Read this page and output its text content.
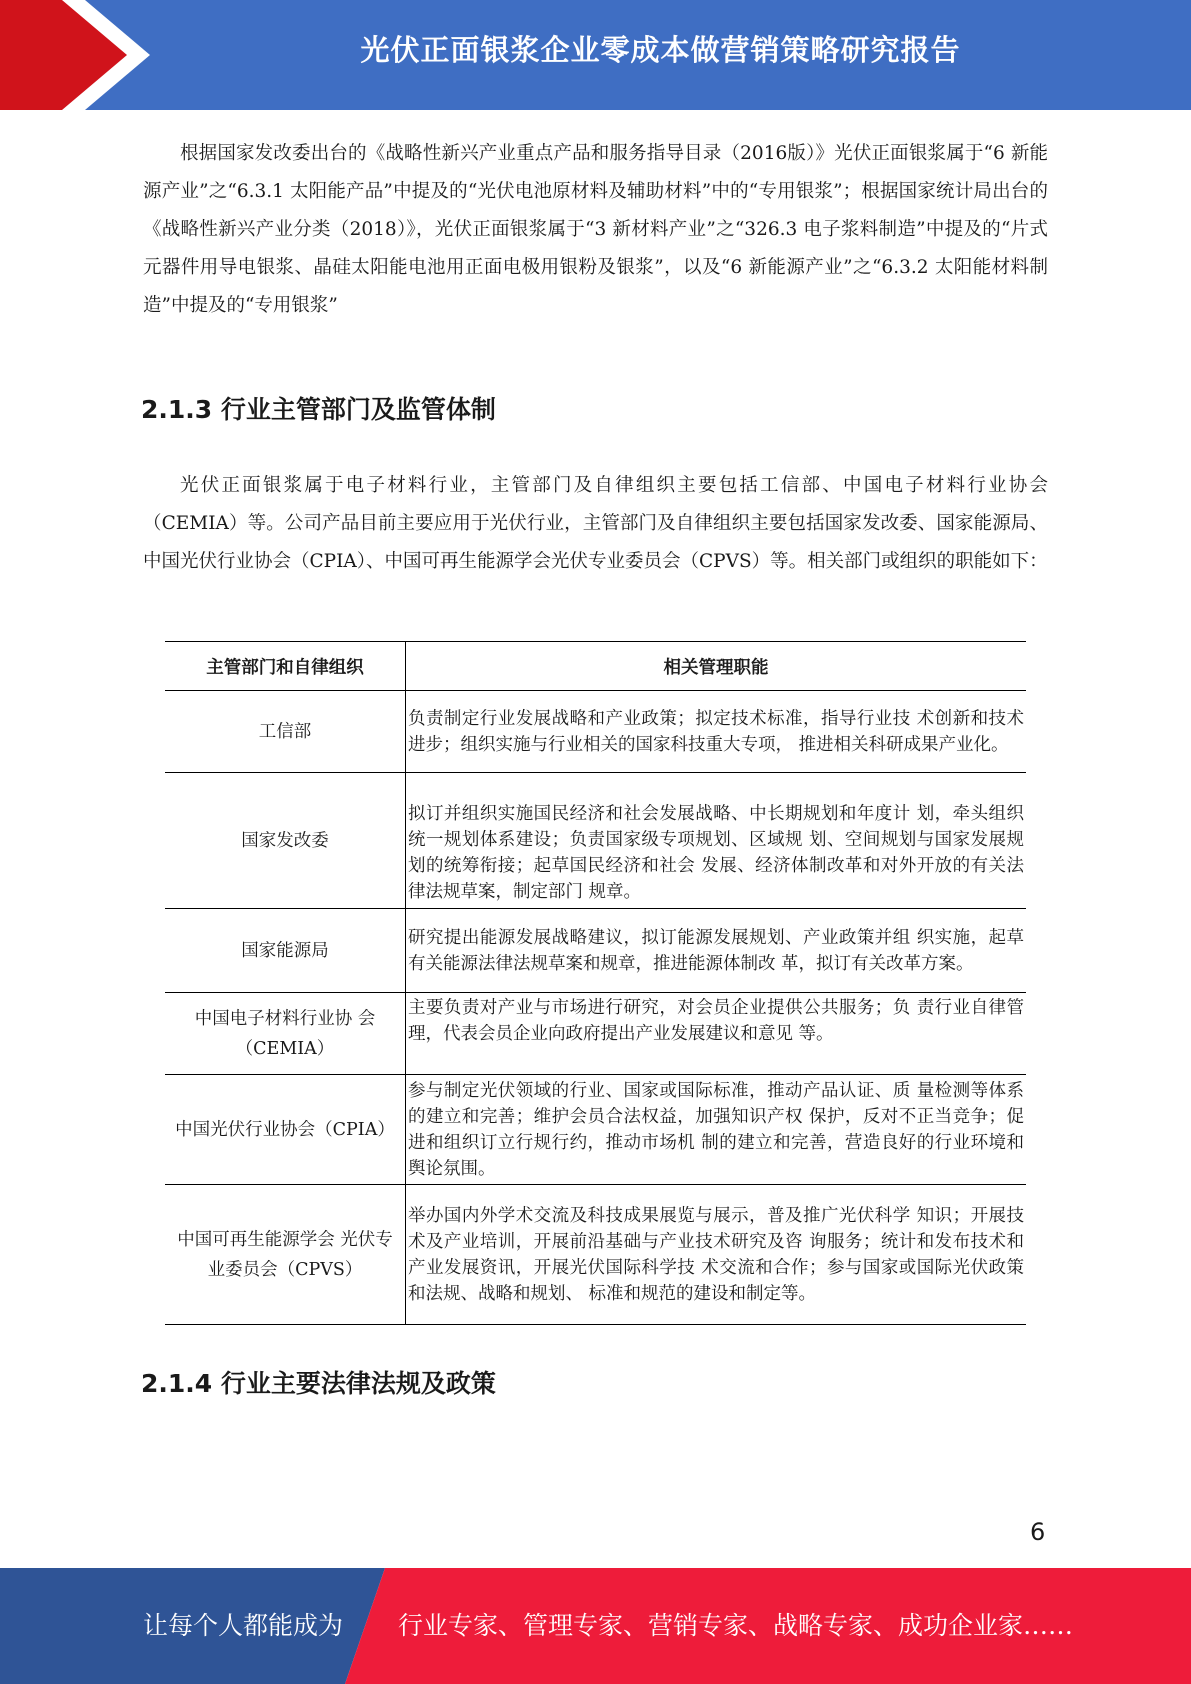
光伏正面银浆企业零成本做营销策略研究报告
根据国家发改委出台的《战略性新兴产业重点产品和服务指导目录（2016版）》光伏正面银浆属于“6 新能源产业”之“6.3.1 太阳能产品”中提及的“光伏电池原材料及辅助材料”中的“专用银浆”；根据国家统计局出台的《战略性新兴产业分类（2018）》，光伏正面银浆属于“3 新材料产业”之“326.3 电子浆料制造”中提及的“片式元器件用导电银浆、晶硅太阳能电池用正面电极用银粉及银浆”，以及“6 新能源产业”之“6.3.2 太阳能材料制造”中提及的“专用银浆”
2.1.3 行业主管部门及监管体制
光伏正面银浆属于电子材料行业，主管部门及自律组织主要包括工信部、中国电子材料行业协会（CEMIA）等。公司产品目前主要应用于光伏行业，主管部门及自律组织主要包括国家发改委、国家能源局、中国光伏行业协会（CPIA）、中国可再生能源学会光伏专业委员会（CPVS）等。相关部门或组织的职能如下：
主管部门和自律组织	相关管理职能
工信部	负责制定行业发展战略和产业政策；拟定技术标准，指导行业技 术创新和技术进步；组织实施与行业相关的国家科技重大专项， 推进相关科研成果产业化。
国家发改委	拟订并组织实施国民经济和社会发展战略、中长期规划和年度计 划，牵头组织统一规划体系建设；负责国家级专项规划、区域规 划、空间规划与国家发展规划的统筹衔接；起草国民经济和社会 发展、经济体制改革和对外开放的有关法律法规草案，制定部门 规章。
国家能源局	研究提出能源发展战略建议，拟订能源发展规划、产业政策并组 织实施，起草有关能源法律法规草案和规章，推进能源体制改 革，拟订有关改革方案。
中国电子材料行业协 会（CEMIA）	主要负责对产业与市场进行研究，对会员企业提供公共服务；负 责行业自律管理，代表会员企业向政府提出产业发展建议和意见 等。
中国光伏行业协会（CPIA）	参与制定光伏领域的行业、国家或国际标准，推动产品认证、质 量检测等体系的建立和完善；维护会员合法权益，加强知识产权 保护，反对不正当竞争；促进和组织订立行规行约，推动市场机 制的建立和完善，营造良好的行业环境和舆论氛围。
中国可再生能源学会 光伏专业委员会（CPVS）	举办国内外学术交流及科技成果展览与展示，普及推广光伏科学 知识；开展技术及产业培训，开展前沿基础与产业技术研究及咨 询服务；统计和发布技术和产业发展资讯，开展光伏国际科学技 术交流和合作；参与国家或国际光伏政策和法规、战略和规划、 标准和规范的建设和制定等。
2.1.4 行业主要法律法规及政策
6
让每个人都能成为 行业专家、管理专家、营销专家、战略专家、成功企业家……
